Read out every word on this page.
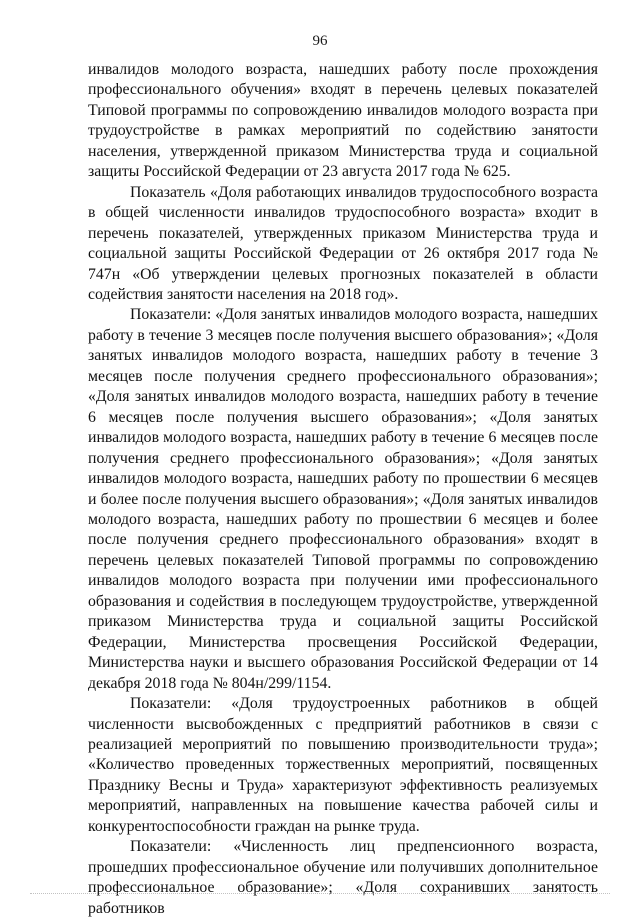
96

инвалидов молодого возраста, нашедших работу после прохождения профессионального обучения» входят в перечень целевых показателей Типовой программы по сопровождению инвалидов молодого возраста при трудоустройстве в рамках мероприятий по содействию занятости населения, утвержденной приказом Министерства труда и социальной защиты Российской Федерации от 23 августа 2017 года № 625.

Показатель «Доля работающих инвалидов трудоспособного возраста в общей численности инвалидов трудоспособного возраста» входит в перечень показателей, утвержденных приказом Министерства труда и социальной защиты Российской Федерации от 26 октября 2017 года № 747н «Об утверждении целевых прогнозных показателей в области содействия занятости населения на 2018 год».

Показатели: «Доля занятых инвалидов молодого возраста, нашедших работу в течение 3 месяцев после получения высшего образования»; «Доля занятых инвалидов молодого возраста, нашедших работу в течение 3 месяцев после получения среднего профессионального образования»; «Доля занятых инвалидов молодого возраста, нашедших работу в течение 6 месяцев после получения высшего образования»; «Доля занятых инвалидов молодого возраста, нашедших работу в течение 6 месяцев после получения среднего профессионального образования»; «Доля занятых инвалидов молодого возраста, нашедших работу по прошествии 6 месяцев и более после получения высшего образования»; «Доля занятых инвалидов молодого возраста, нашедших работу по прошествии 6 месяцев и более после получения среднего профессионального образования» входят в перечень целевых показателей Типовой программы по сопровождению инвалидов молодого возраста при получении ими профессионального образования и содействия в последующем трудоустройстве, утвержденной приказом Министерства труда и социальной защиты Российской Федерации, Министерства просвещения Российской Федерации, Министерства науки и высшего образования Российской Федерации от 14 декабря 2018 года № 804н/299/1154.

Показатели: «Доля трудоустроенных работников в общей численности высвобожденных с предприятий работников в связи с реализацией мероприятий по повышению производительности труда»; «Количество проведенных торжественных мероприятий, посвященных Празднику Весны и Труда» характеризуют эффективность реализуемых мероприятий, направленных на повышение качества рабочей силы и конкурентоспособности граждан на рынке труда.

Показатели: «Численность лиц предпенсионного возраста, прошедших профессиональное обучение или получивших дополнительное профессиональное образование»; «Доля сохранивших занятость работников
